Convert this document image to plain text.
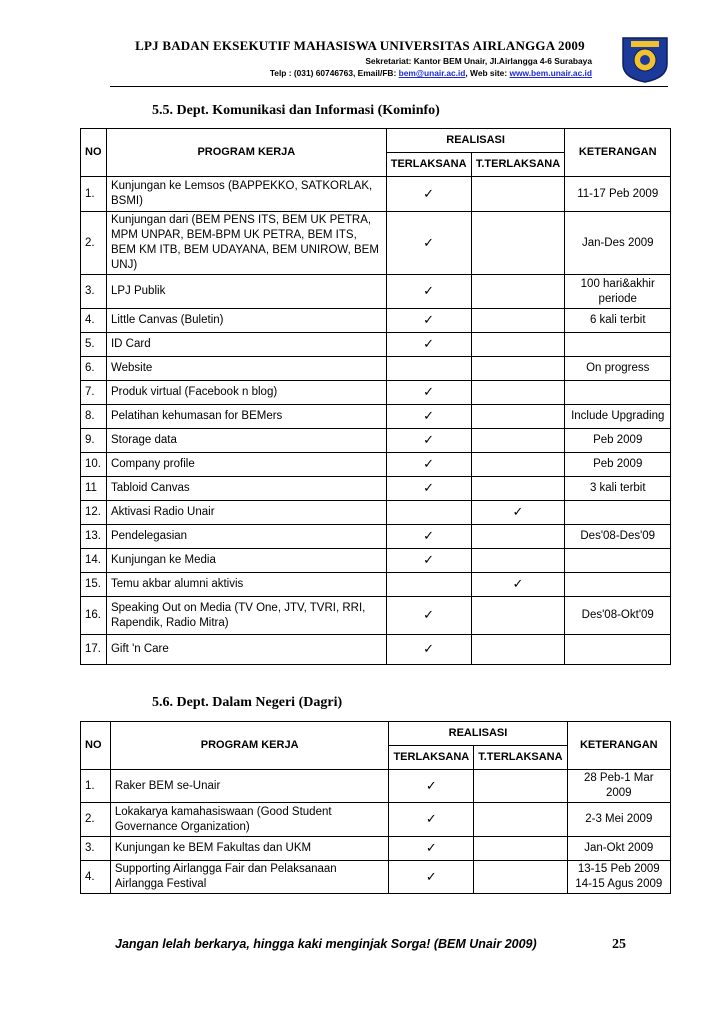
LPJ BADAN EKSEKUTIF MAHASISWA UNIVERSITAS AIRLANGGA 2009
Sekretariat: Kantor BEM Unair, Jl.Airlangga 4-6 Surabaya
Telp : (031) 60746763, Email/FB: bem@unair.ac.id, Web site: www.bem.unair.ac.id
5.5. Dept. Komunikasi dan Informasi (Kominfo)
NO	PROGRAM KERJA	REALISASI		KETERANGAN
		TERLAKSANA	T.TERLAKSANA	
1.	Kunjungan ke Lemsos (BAPPEKKO, SATKORLAK, BSMI)	✓		11-17 Peb 2009
2.	Kunjungan dari (BEM PENS ITS, BEM UK PETRA, MPM UNPAR, BEM-BPM UK PETRA, BEM ITS, BEM KM ITB, BEM UDAYANA, BEM UNIROW, BEM UNJ)	✓		Jan-Des 2009
3.	LPJ Publik	✓		100 hari&akhir periode
4.	Little Canvas (Buletin)	✓		6 kali terbit
5.	ID Card	✓		
6.	Website			On progress
7.	Produk virtual (Facebook n blog)	✓		
8.	Pelatihan kehumasan for BEMers	✓		Include Upgrading
9.	Storage data	✓		Peb 2009
10.	Company profile	✓		Peb 2009
11	Tabloid Canvas	✓		3 kali terbit
12.	Aktivasi Radio Unair		✓	
13.	Pendelegasian	✓		Des'08-Des'09
14.	Kunjungan ke Media	✓		
15.	Temu akbar alumni aktivis		✓	
16.	Speaking Out on Media (TV One, JTV, TVRI, RRI, Rapendik, Radio Mitra)	✓		Des'08-Okt'09
17.	Gift 'n Care	✓		
5.6. Dept. Dalam Negeri (Dagri)
NO	PROGRAM KERJA	REALISASI		KETERANGAN
		TERLAKSANA	T.TERLAKSANA	
1.	Raker BEM se-Unair	✓		28 Peb-1 Mar 2009
2.	Lokakarya kamahasiswaan (Good Student Governance Organization)	✓		2-3 Mei 2009
3.	Kunjungan ke BEM Fakultas dan UKM	✓		Jan-Okt 2009
4.	Supporting Airlangga Fair dan Pelaksanaan Airlangga Festival	✓		13-15 Peb 2009 14-15 Agus 2009
Jangan lelah berkarya, hingga kaki menginjak Sorga! (BEM Unair 2009)	25
